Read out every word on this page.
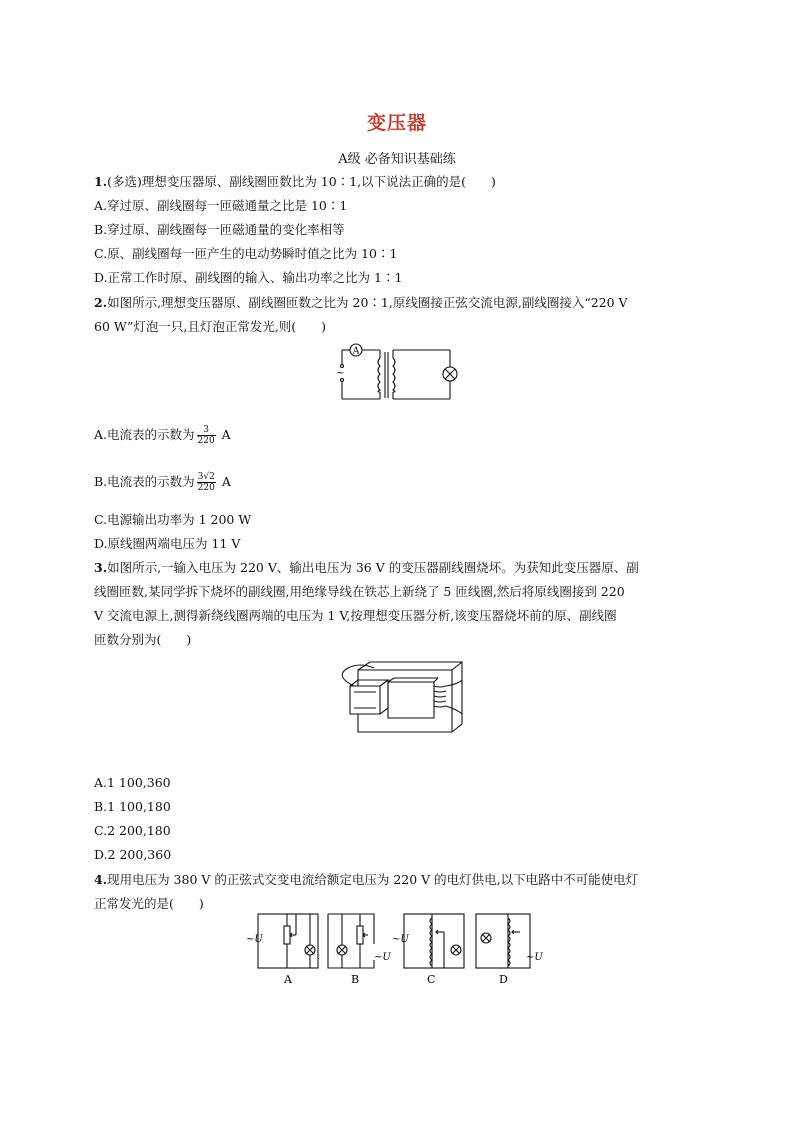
变压器
A级 必备知识基础练
1.(多选)理想变压器原、副线圈匝数比为 10∶1,以下说法正确的是(　　)
A.穿过原、副线圈每一匝磁通量之比是 10∶1
B.穿过原、副线圈每一匝磁通量的变化率相等
C.原、副线圈每一匝产生的电动势瞬时值之比为 10∶1
D.正常工作时原、副线圈的输入、输出功率之比为 1∶1
2.如图所示,理想变压器原、副线圈匝数之比为 20∶1,原线圈接正弦交流电源,副线圈接入“220 V
60 W”灯泡一只,且灯泡正常发光,则(　　)
A
~
A.电流表的示数为 $\frac{3}{220}$ A
B.电流表的示数为 $\frac{3√2}{220}$ A
C.电源输出功率为 1 200 W
D.原线圈两端电压为 11 V
3.如图所示,一输入电压为 220 V、输出电压为 36 V 的变压器副线圈烧坏。为获知此变压器原、副
线圈匝数,某同学拆下烧坏的副线圈,用绝缘导线在铁芯上新绕了 5 匝线圈,然后将原线圈接到 220
V 交流电源上,测得新绕线圈两端的电压为 1 V,按理想变压器分析,该变压器烧坏前的原、副线圈
匝数分别为(　　)
A.1 100,360
B.1 100,180
C.2 200,180
D.2 200,360
4.现用电压为 380 V 的正弦式交变电流给额定电压为 220 V 的电灯供电,以下电路中不可能使电灯
正常发光的是(　　)
~U
~U
~U
~U
A	B	C	D
